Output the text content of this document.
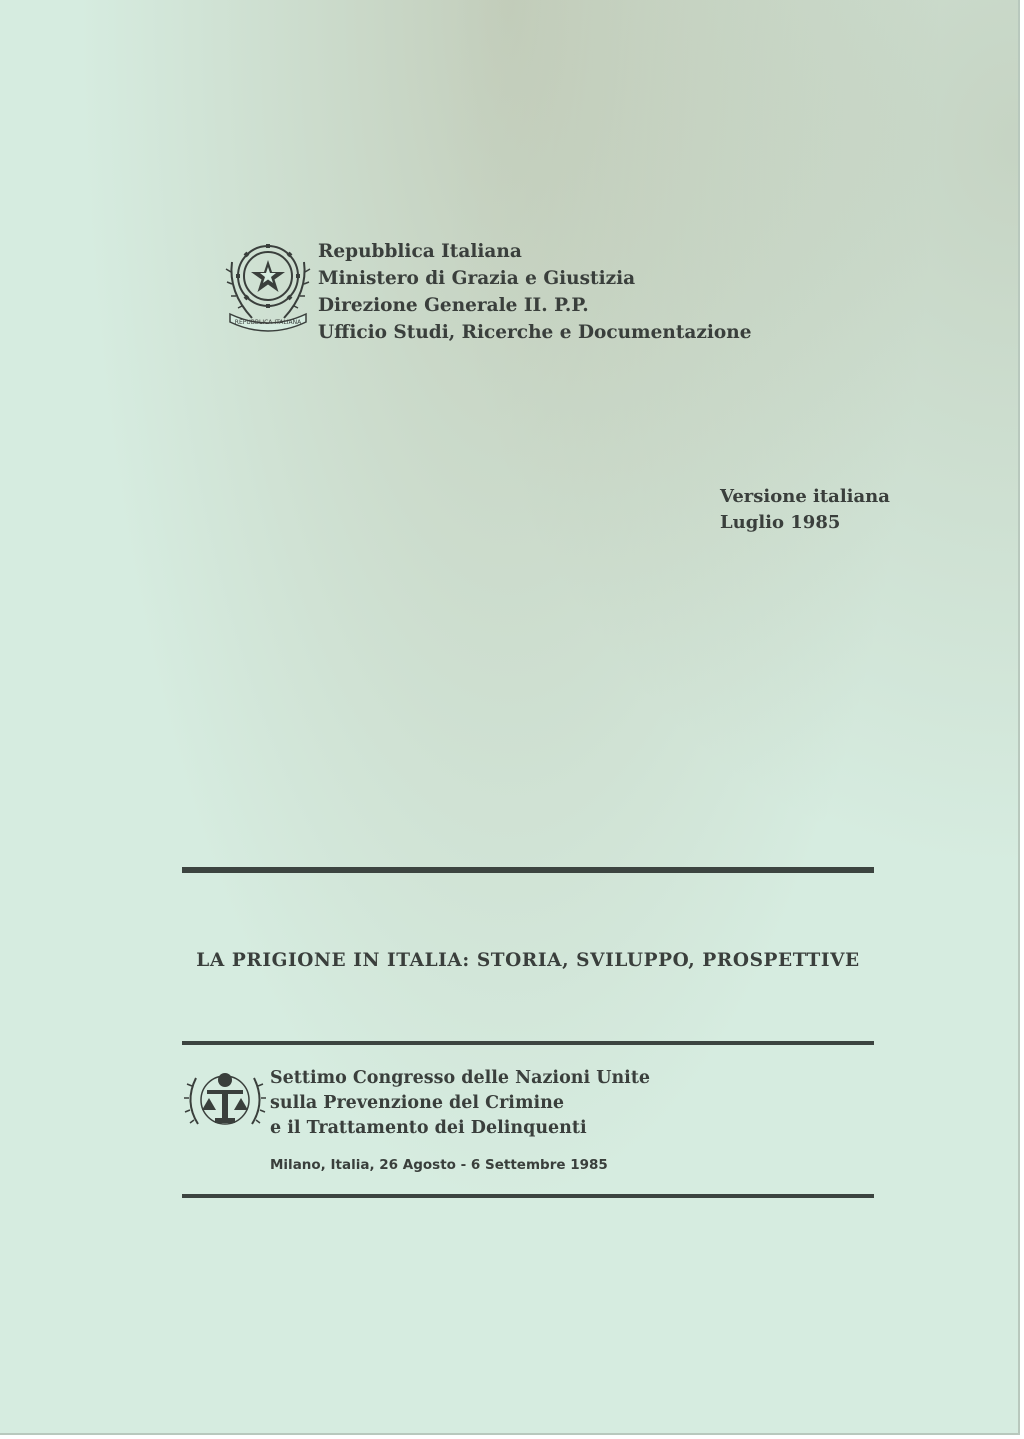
REPUBBLICA ITALIANA
Repubblica Italiana
Ministero di Grazia e Giustizia
Direzione Generale II. P.P.
Ufficio Studi, Ricerche e Documentazione
Versione italiana
Luglio 1985
LA PRIGIONE IN ITALIA: STORIA, SVILUPPO, PROSPETTIVE
Settimo Congresso delle Nazioni Unite
sulla Prevenzione del Crimine
e il Trattamento dei Delinquenti
Milano, Italia, 26 Agosto - 6 Settembre 1985
